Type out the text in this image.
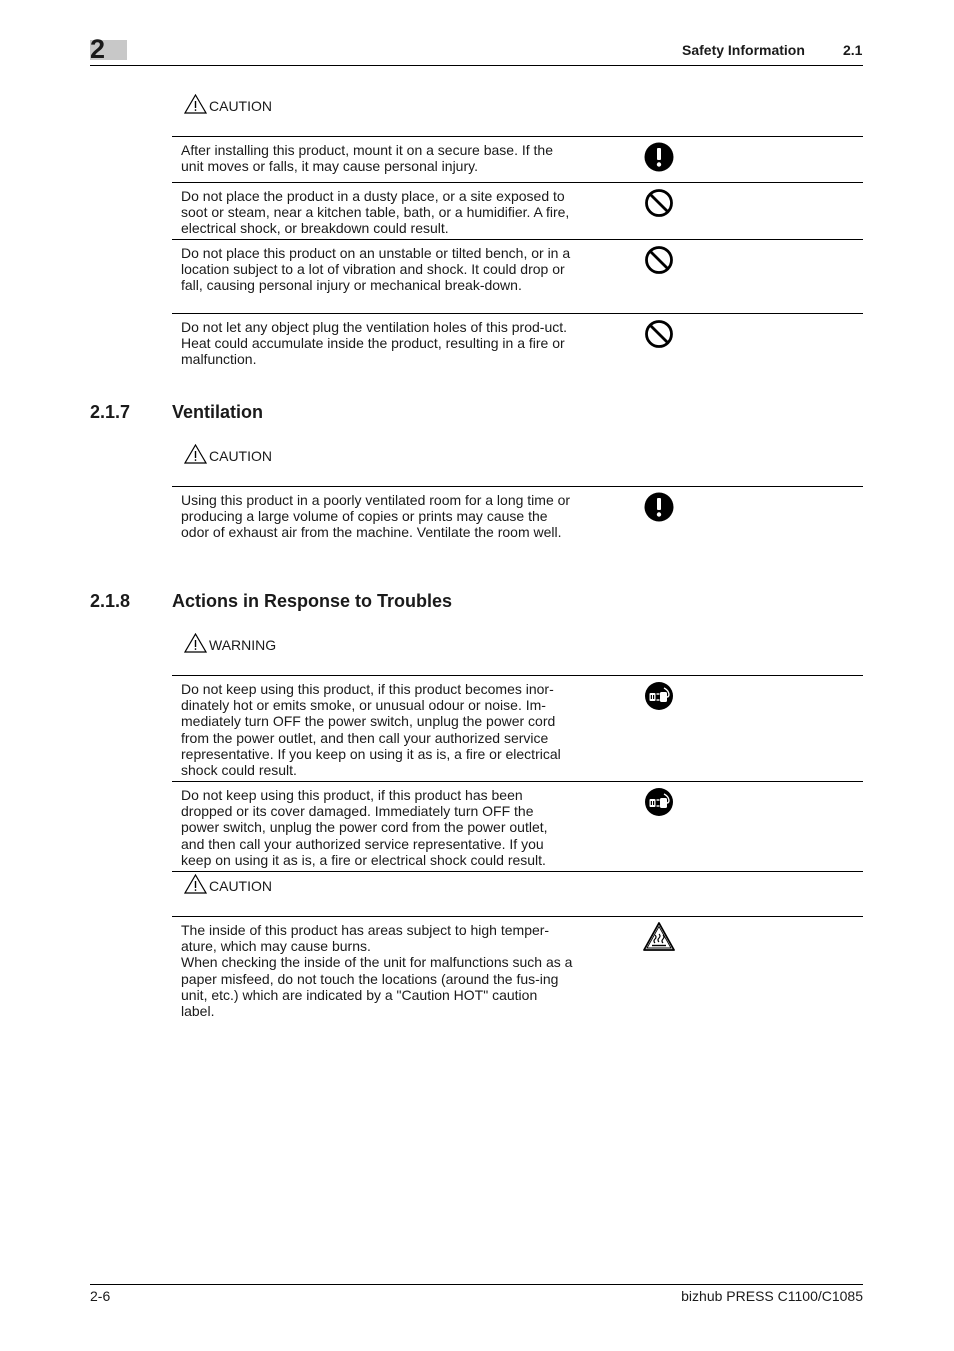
2	Safety Information	2.1
CAUTION
After installing this product, mount it on a secure base. If the unit moves or falls, it may cause personal injury.
Do not place the product in a dusty place, or a site exposed to soot or steam, near a kitchen table, bath, or a humidifier. A fire, electrical shock, or breakdown could result.
Do not place this product on an unstable or tilted bench, or in a location subject to a lot of vibration and shock. It could drop or fall, causing personal injury or mechanical break-down.
Do not let any object plug the ventilation holes of this prod-uct. Heat could accumulate inside the product, resulting in a fire or malfunction.
2.1.7 Ventilation
CAUTION
Using this product in a poorly ventilated room for a long time or producing a large volume of copies or prints may cause the odor of exhaust air from the machine. Ventilate the room well.
2.1.8 Actions in Response to Troubles
WARNING
Do not keep using this product, if this product becomes inor-dinately hot or emits smoke, or unusual odour or noise. Im-mediately turn OFF the power switch, unplug the power cord from the power outlet, and then call your authorized service representative. If you keep on using it as is, a fire or electrical shock could result.
Do not keep using this product, if this product has been dropped or its cover damaged. Immediately turn OFF the power switch, unplug the power cord from the power outlet, and then call your authorized service representative. If you keep on using it as is, a fire or electrical shock could result.
CAUTION
The inside of this product has areas subject to high temper-ature, which may cause burns.
When checking the inside of the unit for malfunctions such as a paper misfeed, do not touch the locations (around the fus-ing unit, etc.) which are indicated by a "Caution HOT" caution label.
2-6	bizhub PRESS C1100/C1085
